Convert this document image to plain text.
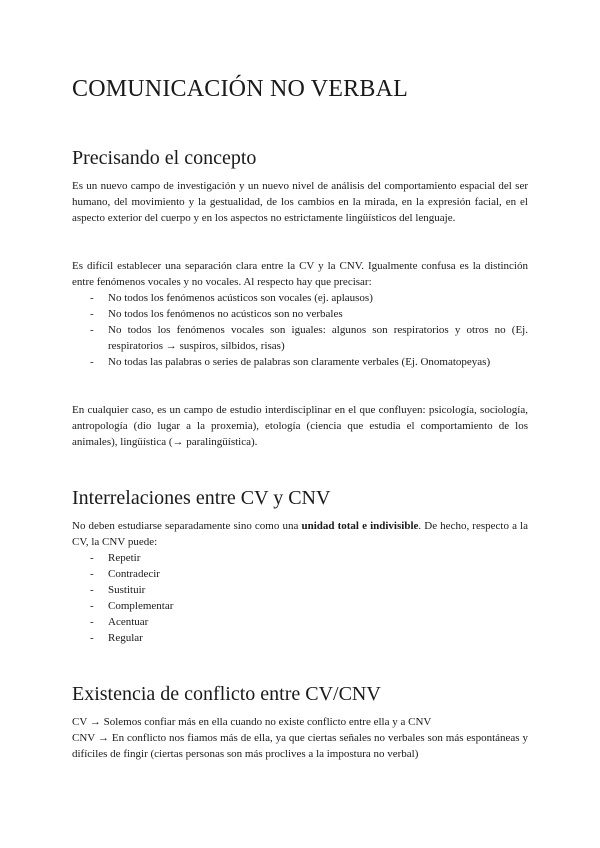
COMUNICACIÓN NO VERBAL
Precisando el concepto

Es un nuevo campo de investigación y un nuevo nivel de análisis del comportamiento espacial del ser humano, del movimiento y la gestualidad, de los cambios en la mirada, en la expresión facial, en el aspecto exterior del cuerpo y en los aspectos no estrictamente lingüísticos del lenguaje.

Es difícil establecer una separación clara entre la CV y la CNV. Igualmente confusa es la distinción entre fenómenos vocales y no vocales. Al respecto hay que precisar:

- No todos los fenómenos acústicos son vocales (ej. aplausos)
- No todos los fenómenos no acústicos son no verbales
- No todos los fenómenos vocales son iguales: algunos son respiratorios y otros no (Ej. respiratorios → suspiros, silbidos, risas)
- No todas las palabras o series de palabras son claramente verbales (Ej. Onomatopeyas)

En cualquier caso, es un campo de estudio interdisciplinar en el que confluyen: psicología, sociología, antropología (dio lugar a la proxemia), etología (ciencia que estudia el comportamiento de los animales), lingüística (→ paralingüística).

Interrelaciones entre CV y CNV

No deben estudiarse separadamente sino como una unidad total e indivisible. De hecho, respecto a la CV, la CNV puede:

- Repetir
- Contradecir
- Sustituir
- Complementar
- Acentuar
- Regular
Existencia de conflicto entre CV/CNV

CV → Solemos confiar más en ella cuando no existe conflicto entre ella y a CNV

CNV → En conflicto nos fiamos más de ella, ya que ciertas señales no verbales son más espontáneas y difíciles de fingir (ciertas personas son más proclives a la impostura no verbal)
